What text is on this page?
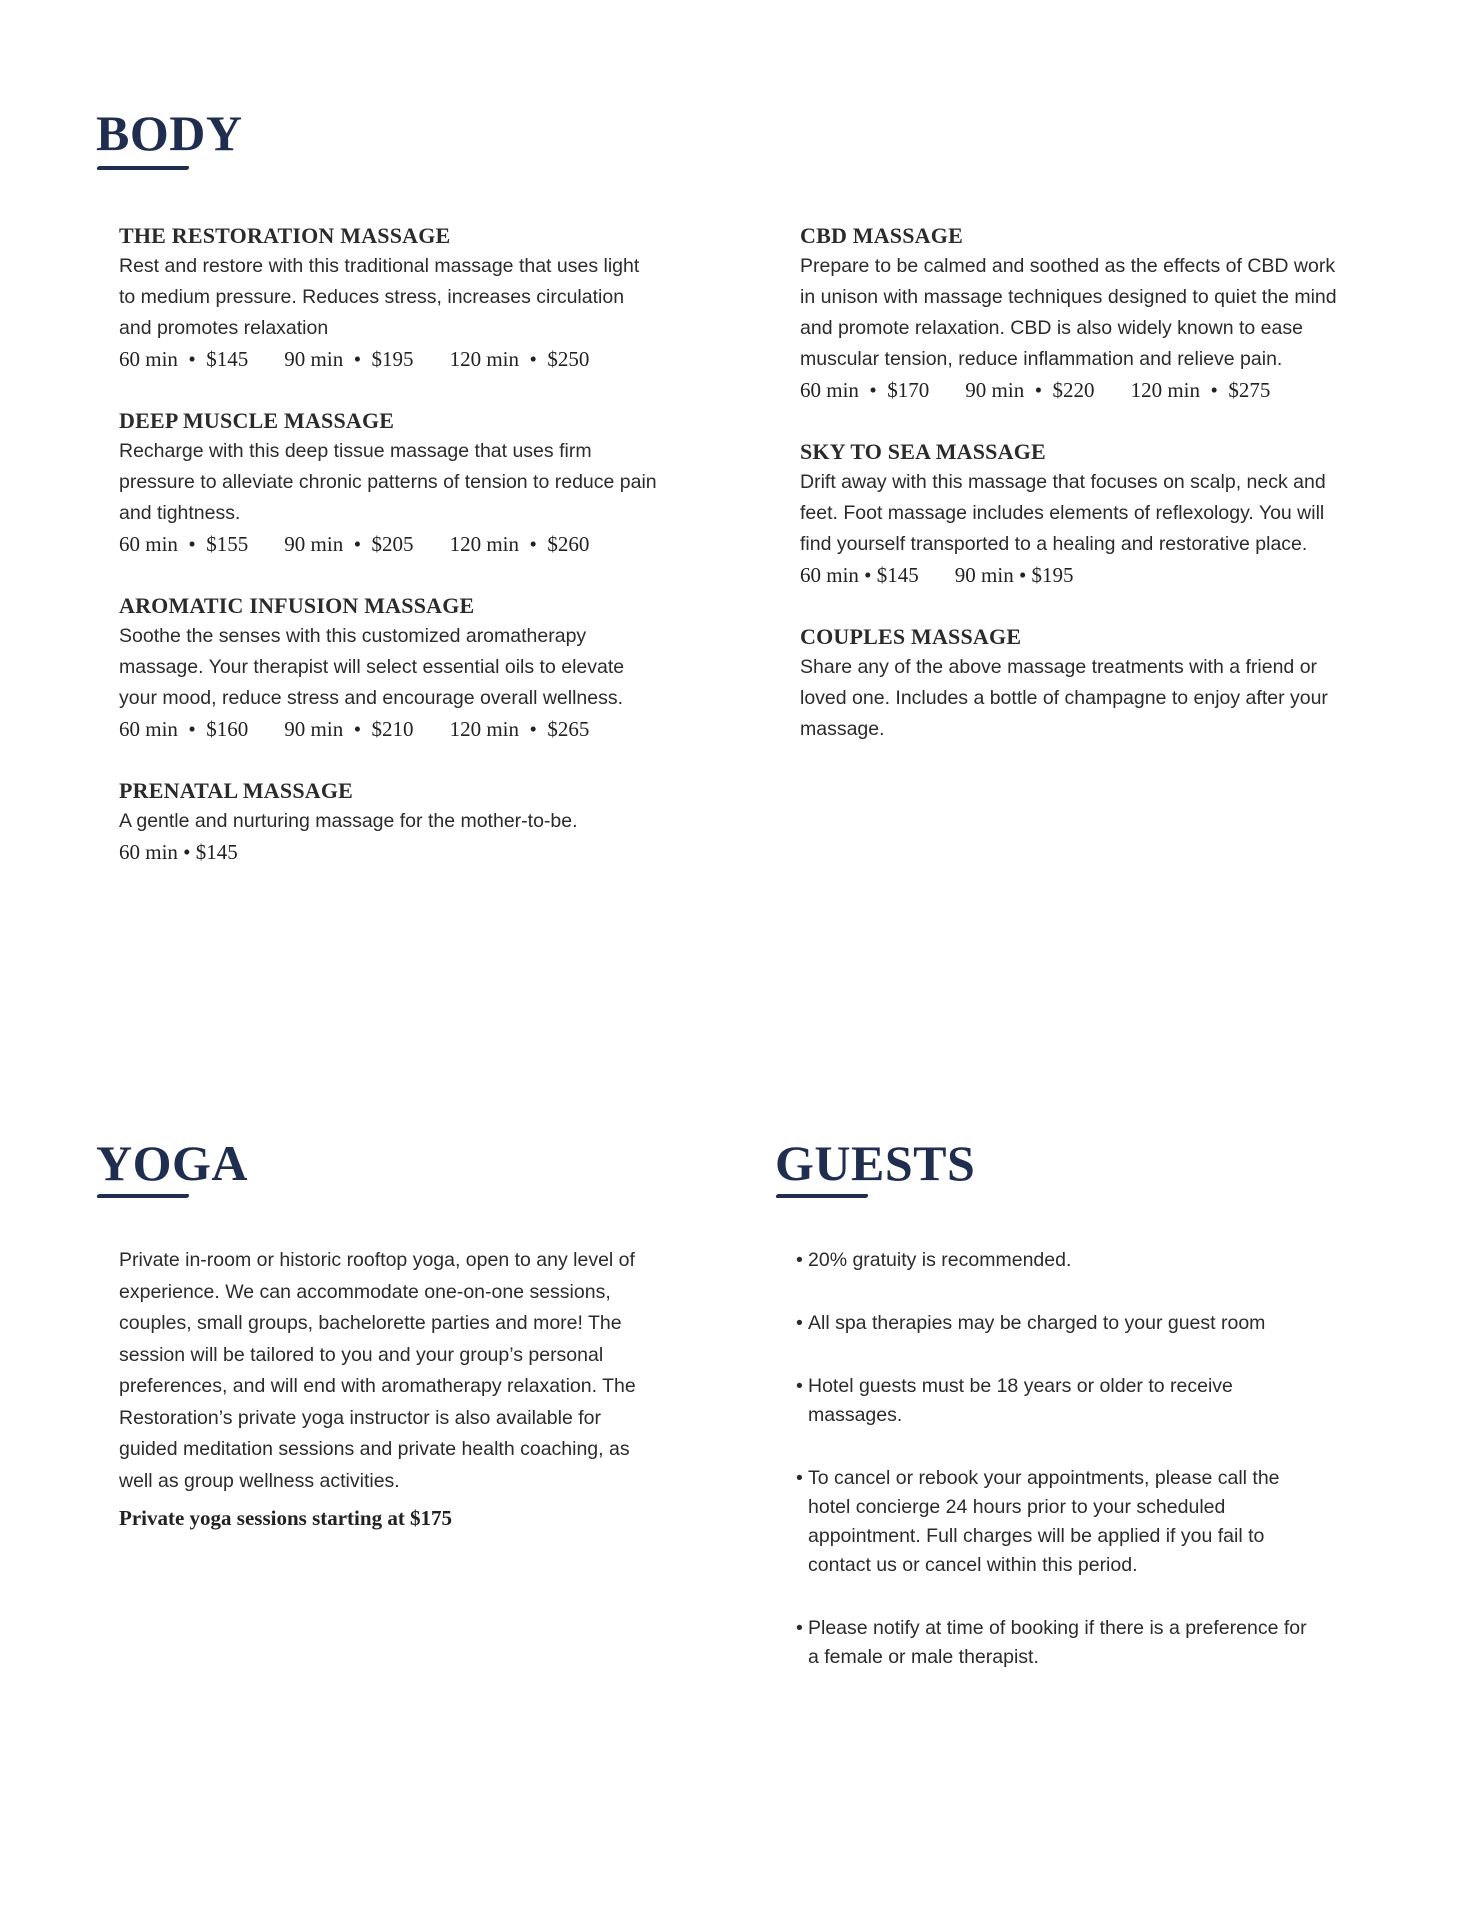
BODY
THE RESTORATION MASSAGE

Rest and restore with this traditional massage that uses light to medium pressure. Reduces stress, increases circulation and promotes relaxation

60 min  •  $145 90 min  •  $195 120 min  •  $250
DEEP MUSCLE MASSAGE

Recharge with this deep tissue massage that uses firm pressure to alleviate chronic patterns of tension to reduce pain and tightness.

60 min  •  $155 90 min  •  $205 120 min  •  $260
AROMATIC INFUSION MASSAGE

Soothe the senses with this customized aromatherapy massage. Your therapist will select essential oils to elevate your mood, reduce stress and encourage overall wellness.

60 min  •  $160 90 min  •  $210 120 min  •  $265
PRENATAL MASSAGE

A gentle and nurturing massage for the mother-to-be.

60 min • $145
CBD MASSAGE

Prepare to be calmed and soothed as the effects of CBD work in unison with massage techniques designed to quiet the mind and promote relaxation. CBD is also widely known to ease muscular tension, reduce inflammation and relieve pain.

60 min  •  $170 90 min  •  $220 120 min  •  $275
SKY TO SEA MASSAGE

Drift away with this massage that focuses on scalp, neck and feet. Foot massage includes elements of reflexology. You will find yourself transported to a healing and restorative place.

60 min • $145 90 min • $195
COUPLES MASSAGE

Share any of the above massage treatments with a friend or loved one. Includes a bottle of champagne to enjoy after your massage.

YOGA

Private in-room or historic rooftop yoga, open to any level of experience. We can accommodate one-on-one sessions, couples, small groups, bachelorette parties and more! The session will be tailored to you and your group’s personal preferences, and will end with aromatherapy relaxation. The Restoration’s private yoga instructor is also available for guided meditation sessions and private health coaching, as well as group wellness activities.

Private yoga sessions starting at $175
GUESTS
• 20% gratuity is recommended.
• All spa therapies may be charged to your guest room
• Hotel guests must be 18 years or older to receive massages.
• To cancel or rebook your appointments, please call the hotel concierge 24 hours prior to your scheduled appointment. Full charges will be applied if you fail to contact us or cancel within this period.
• Please notify at time of booking if there is a preference for a female or male therapist.
